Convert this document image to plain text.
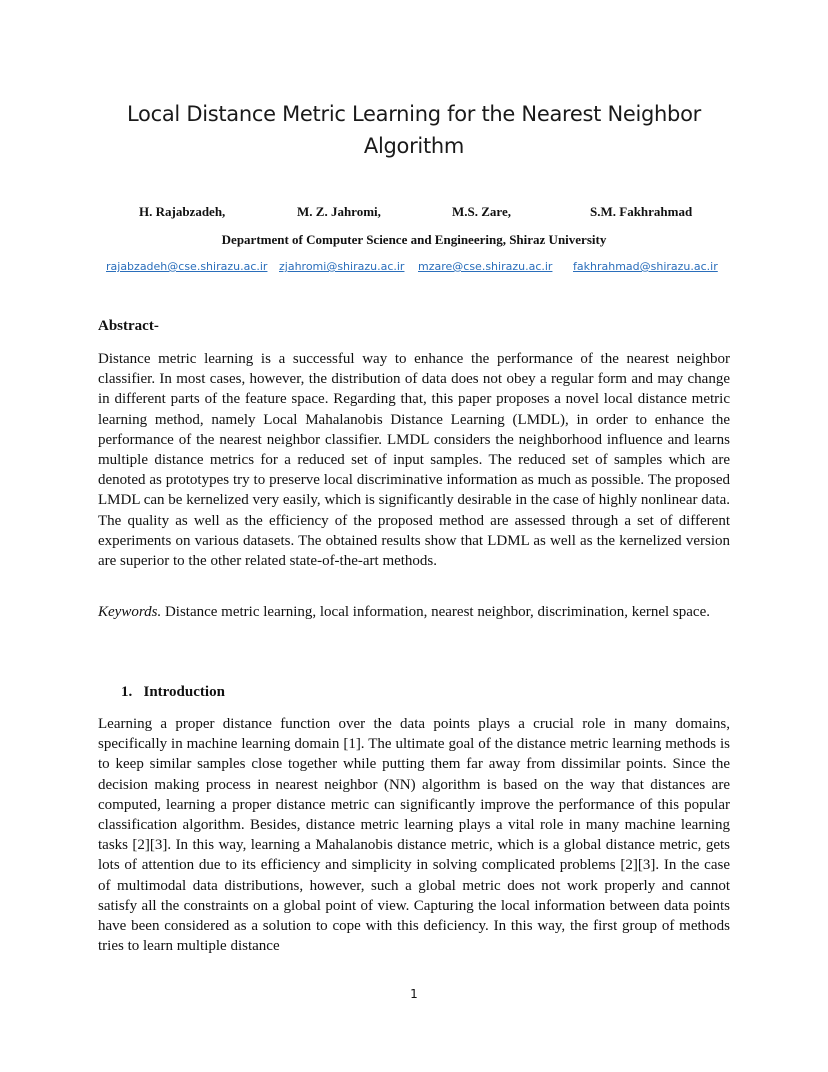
Local Distance Metric Learning for the Nearest Neighbor Algorithm
H. Rajabzadeh,	M. Z. Jahromi,	M.S. Zare,	S.M. Fakhrahmad
Department of Computer Science and Engineering, Shiraz University
rajabzadeh@cse.shirazu.ac.ir zjahromi@shirazu.ac.ir mzare@cse.shirazu.ac.ir fakhrahmad@shirazu.ac.ir
Abstract-

Distance metric learning is a successful way to enhance the performance of the nearest neighbor classifier. In most cases, however, the distribution of data does not obey a regular form and may change in different parts of the feature space. Regarding that, this paper proposes a novel local distance metric learning method, namely Local Mahalanobis Distance Learning (LMDL), in order to enhance the performance of the nearest neighbor classifier. LMDL considers the neighborhood influence and learns multiple distance metrics for a reduced set of input samples. The reduced set of samples which are denoted as prototypes try to preserve local discriminative information as much as possible. The proposed LMDL can be kernelized very easily, which is significantly desirable in the case of highly nonlinear data. The quality as well as the efficiency of the proposed method are assessed through a set of different experiments on various datasets. The obtained results show that LDML as well as the kernelized version are superior to the other related state-of-the-art methods.

Keywords. Distance metric learning, local information, nearest neighbor, discrimination, kernel space.

1.   Introduction

Learning a proper distance function over the data points plays a crucial role in many domains, specifically in machine learning domain [1]. The ultimate goal of the distance metric learning methods is to keep similar samples close together while putting them far away from dissimilar points. Since the decision making process in nearest neighbor (NN) algorithm is based on the way that distances are computed, learning a proper distance metric can significantly improve the performance of this popular classification algorithm. Besides, distance metric learning plays a vital role in many machine learning tasks [2][3]. In this way, learning a Mahalanobis distance metric, which is a global distance metric, gets lots of attention due to its efficiency and simplicity in solving complicated problems [2][3]. In the case of multimodal data distributions, however, such a global metric does not work properly and cannot satisfy all the constraints on a global point of view. Capturing the local information between data points have been considered as a solution to cope with this deficiency. In this way, the first group of methods tries to learn multiple distance

1
